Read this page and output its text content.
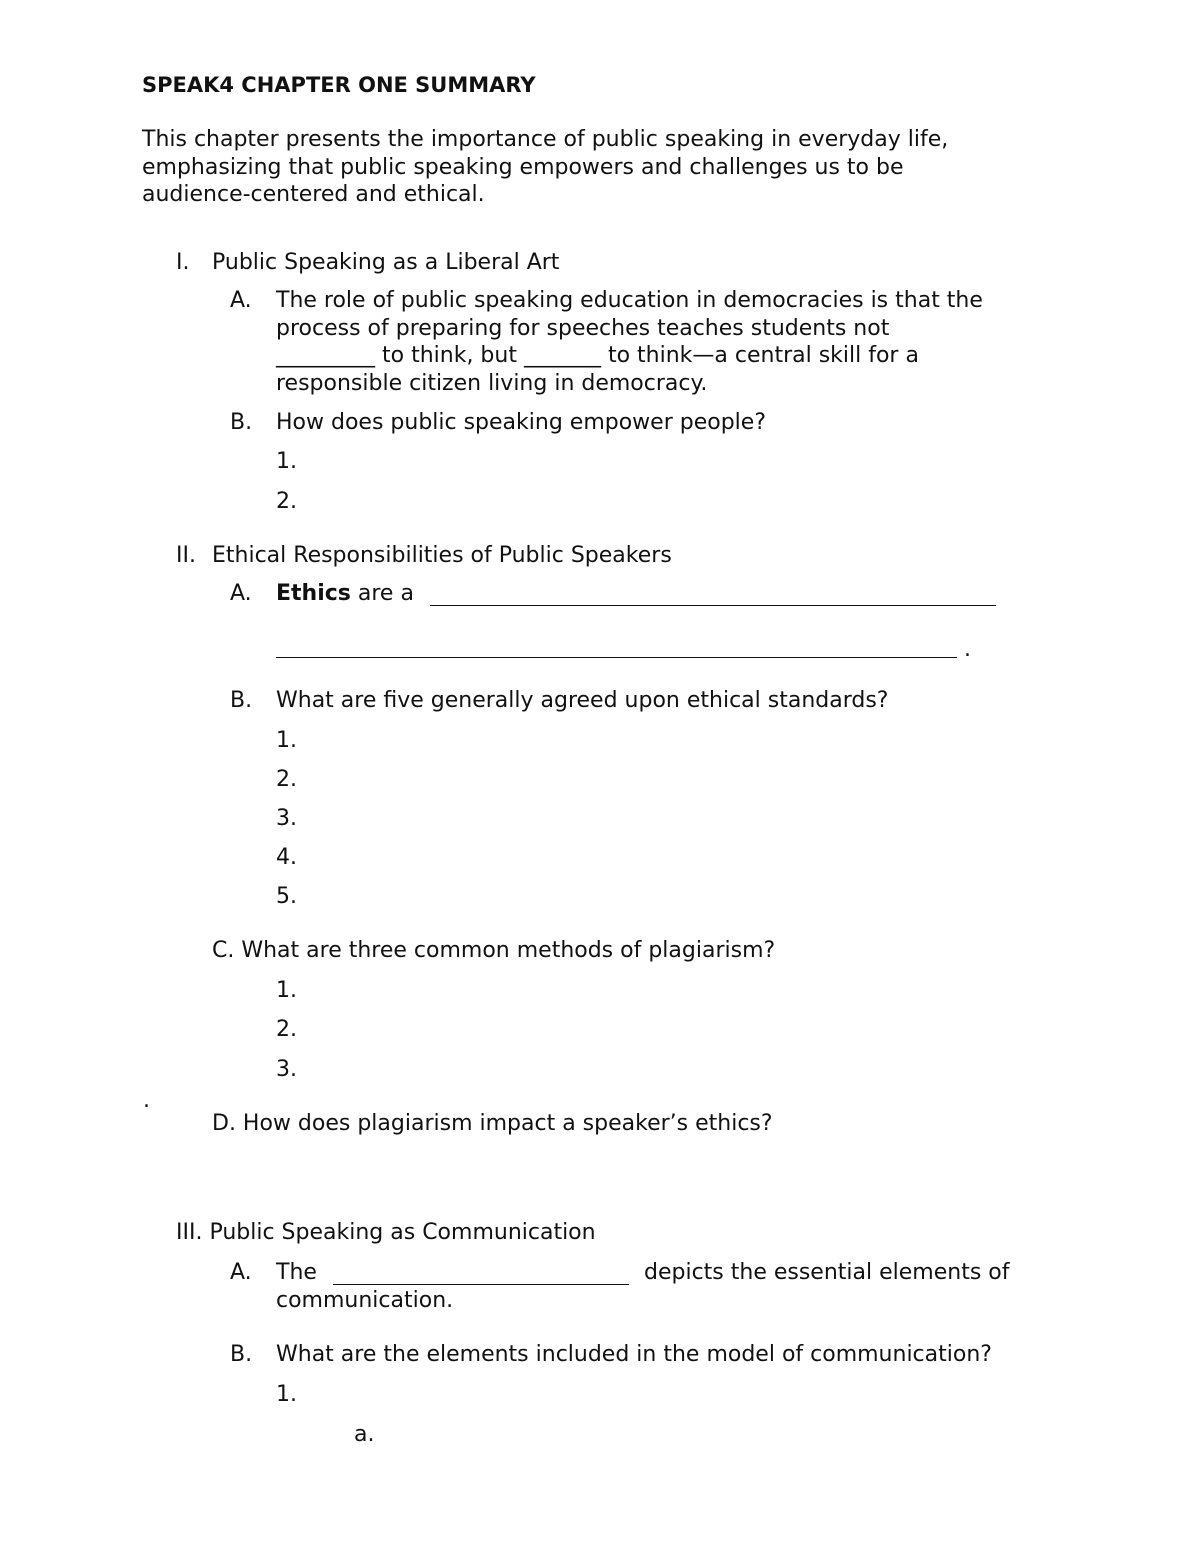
SPEAK4 CHAPTER ONE SUMMARY
This chapter presents the importance of public speaking in everyday life,
emphasizing that public speaking empowers and challenges us to be
audience-centered and ethical.
I. Public Speaking as a Liberal Art
A. The role of public speaking education in democracies is that the
process of preparing for speeches teaches students not
_________ to think, but _______ to think—a central skill for a
responsible citizen living in democracy.
B. How does public speaking empower people?
1.
2.
II. Ethical Responsibilities of Public Speakers
A. Ethics are a
.
B. What are five generally agreed upon ethical standards?
1.
2.
3.
4.
5.
C. What are three common methods of plagiarism?
1.
2.
3.
.
D. How does plagiarism impact a speaker’s ethics?
III. Public Speaking as Communication
A. The	depicts the essential elements of
communication.
B. What are the elements included in the model of communication?
1.
a.
